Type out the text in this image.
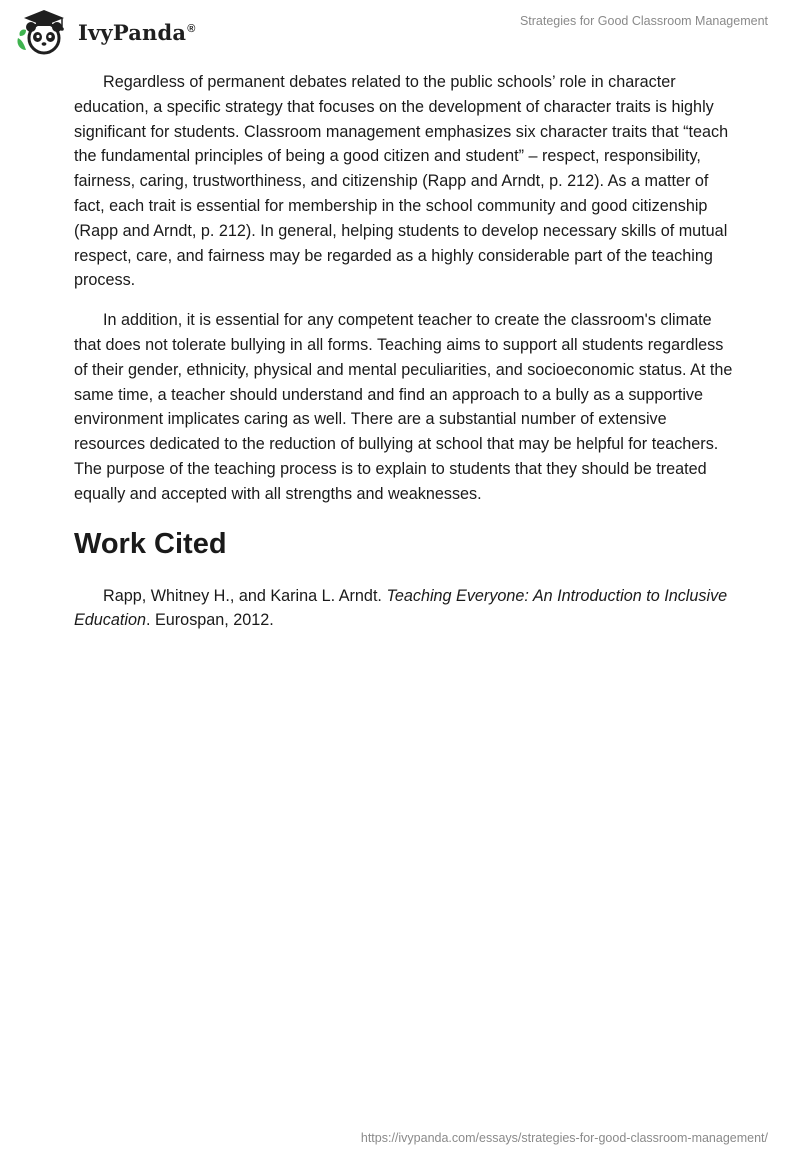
IvyPanda®
Strategies for Good Classroom Management

Regardless of permanent debates related to the public schools’ role in character education, a specific strategy that focuses on the development of character traits is highly significant for students. Classroom management emphasizes six character traits that “teach the fundamental principles of being a good citizen and student” – respect, responsibility, fairness, caring, trustworthiness, and citizenship (Rapp and Arndt, p. 212). As a matter of fact, each trait is essential for membership in the school community and good citizenship (Rapp and Arndt, p. 212). In general, helping students to develop necessary skills of mutual respect, care, and fairness may be regarded as a highly considerable part of the teaching process.

In addition, it is essential for any competent teacher to create the classroom's climate that does not tolerate bullying in all forms. Teaching aims to support all students regardless of their gender, ethnicity, physical and mental peculiarities, and socioeconomic status. At the same time, a teacher should understand and find an approach to a bully as a supportive environment implicates caring as well. There are a substantial number of extensive resources dedicated to the reduction of bullying at school that may be helpful for teachers. The purpose of the teaching process is to explain to students that they should be treated equally and accepted with all strengths and weaknesses.

Work Cited

Rapp, Whitney H., and Karina L. Arndt. Teaching Everyone: An Introduction to Inclusive Education. Eurospan, 2012.

https://ivypanda.com/essays/strategies-for-good-classroom-management/
